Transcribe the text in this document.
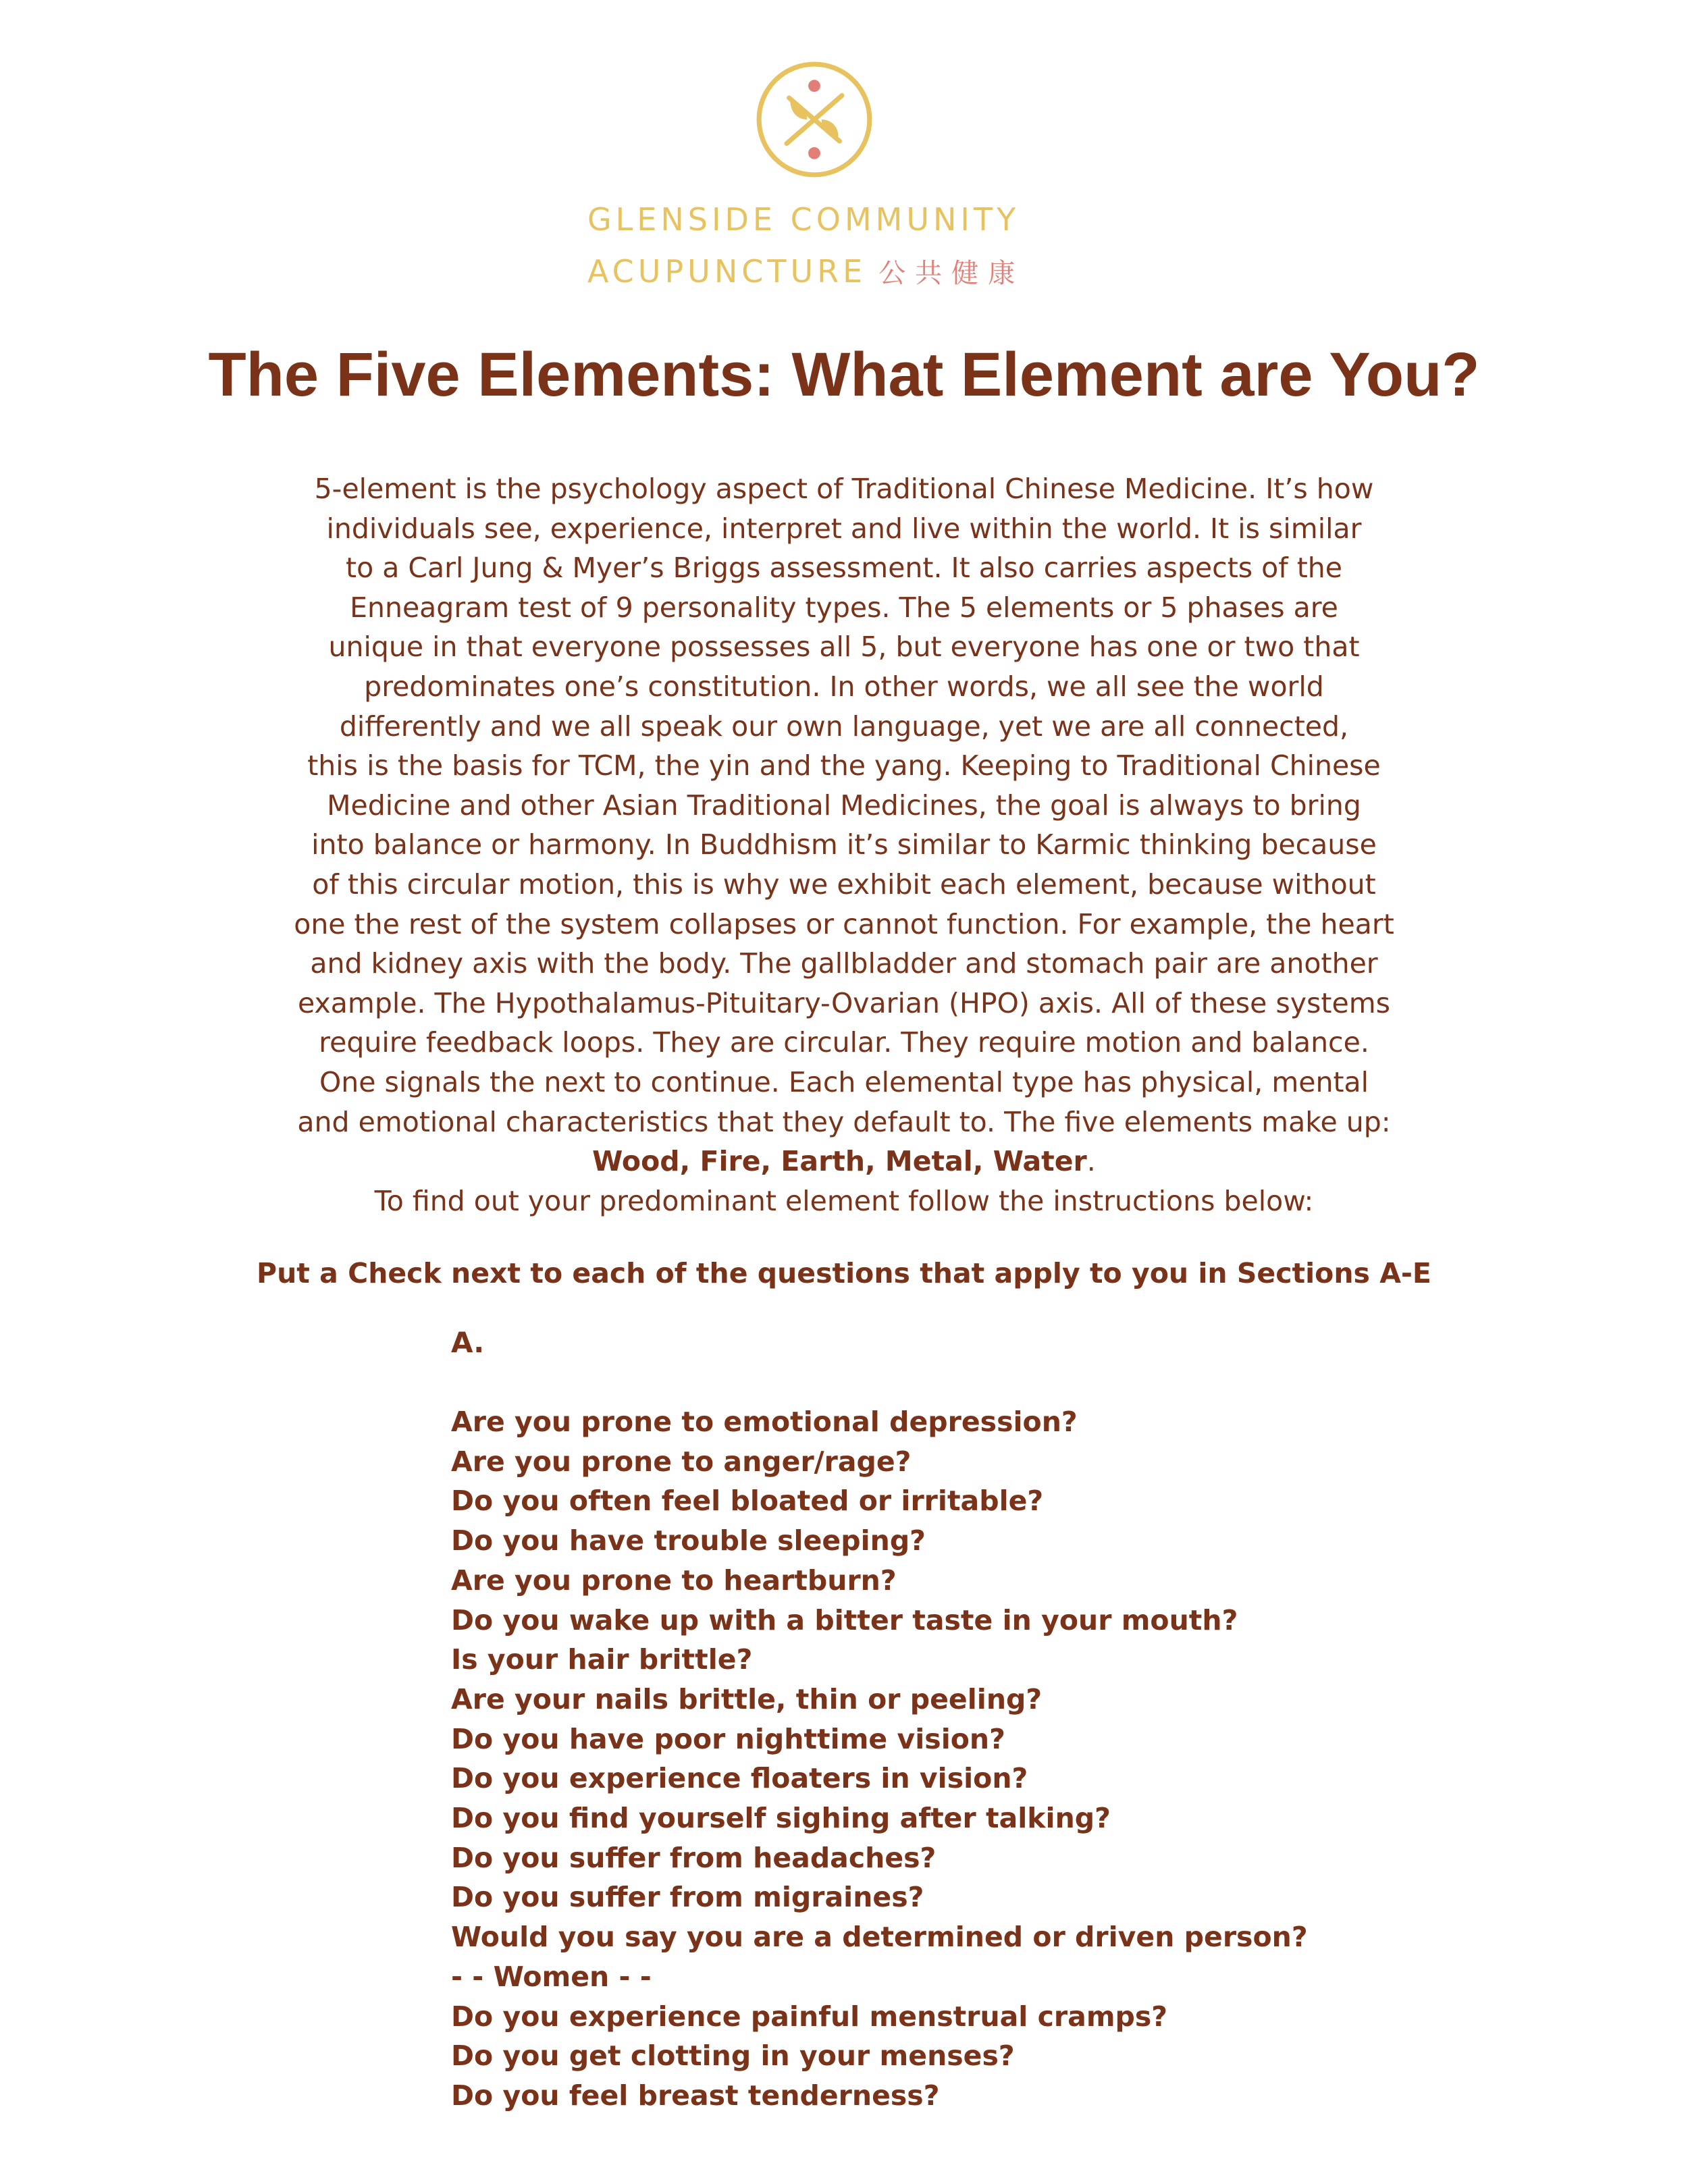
GLENSIDE COMMUNITY
ACUPUNCTURE 公共健康
The Five Elements: What Element are You?
5-element is the psychology aspect of Traditional Chinese Medicine. It’s how
individuals see, experience, interpret and live within the world. It is similar
to a Carl Jung & Myer’s Briggs assessment. It also carries aspects of the
Enneagram test of 9 personality types. The 5 elements or 5 phases are
unique in that everyone possesses all 5, but everyone has one or two that
predominates one’s constitution. In other words, we all see the world
differently and we all speak our own language, yet we are all connected,
this is the basis for TCM, the yin and the yang. Keeping to Traditional Chinese
Medicine and other Asian Traditional Medicines, the goal is always to bring
into balance or harmony. In Buddhism it’s similar to Karmic thinking because
of this circular motion, this is why we exhibit each element, because without
one the rest of the system collapses or cannot function. For example, the heart
and kidney axis with the body. The gallbladder and stomach pair are another
example. The Hypothalamus-Pituitary-Ovarian (HPO) axis. All of these systems
require feedback loops. They are circular. They require motion and balance.
One signals the next to continue. Each elemental type has physical, mental
and emotional characteristics that they default to. The five elements make up:
Wood, Fire, Earth, Metal, Water.
To find out your predominant element follow the instructions below:
Put a Check next to each of the questions that apply to you in Sections A-E
A.
Are you prone to emotional depression?
Are you prone to anger/rage?
Do you often feel bloated or irritable?
Do you have trouble sleeping?
Are you prone to heartburn?
Do you wake up with a bitter taste in your mouth?
Is your hair brittle?
Are your nails brittle, thin or peeling?
Do you have poor nighttime vision?
Do you experience floaters in vision?
Do you find yourself sighing after talking?
Do you suffer from headaches?
Do you suffer from migraines?
Would you say you are a determined or driven person?
- - Women - -
Do you experience painful menstrual cramps?
Do you get clotting in your menses?
Do you feel breast tenderness?
